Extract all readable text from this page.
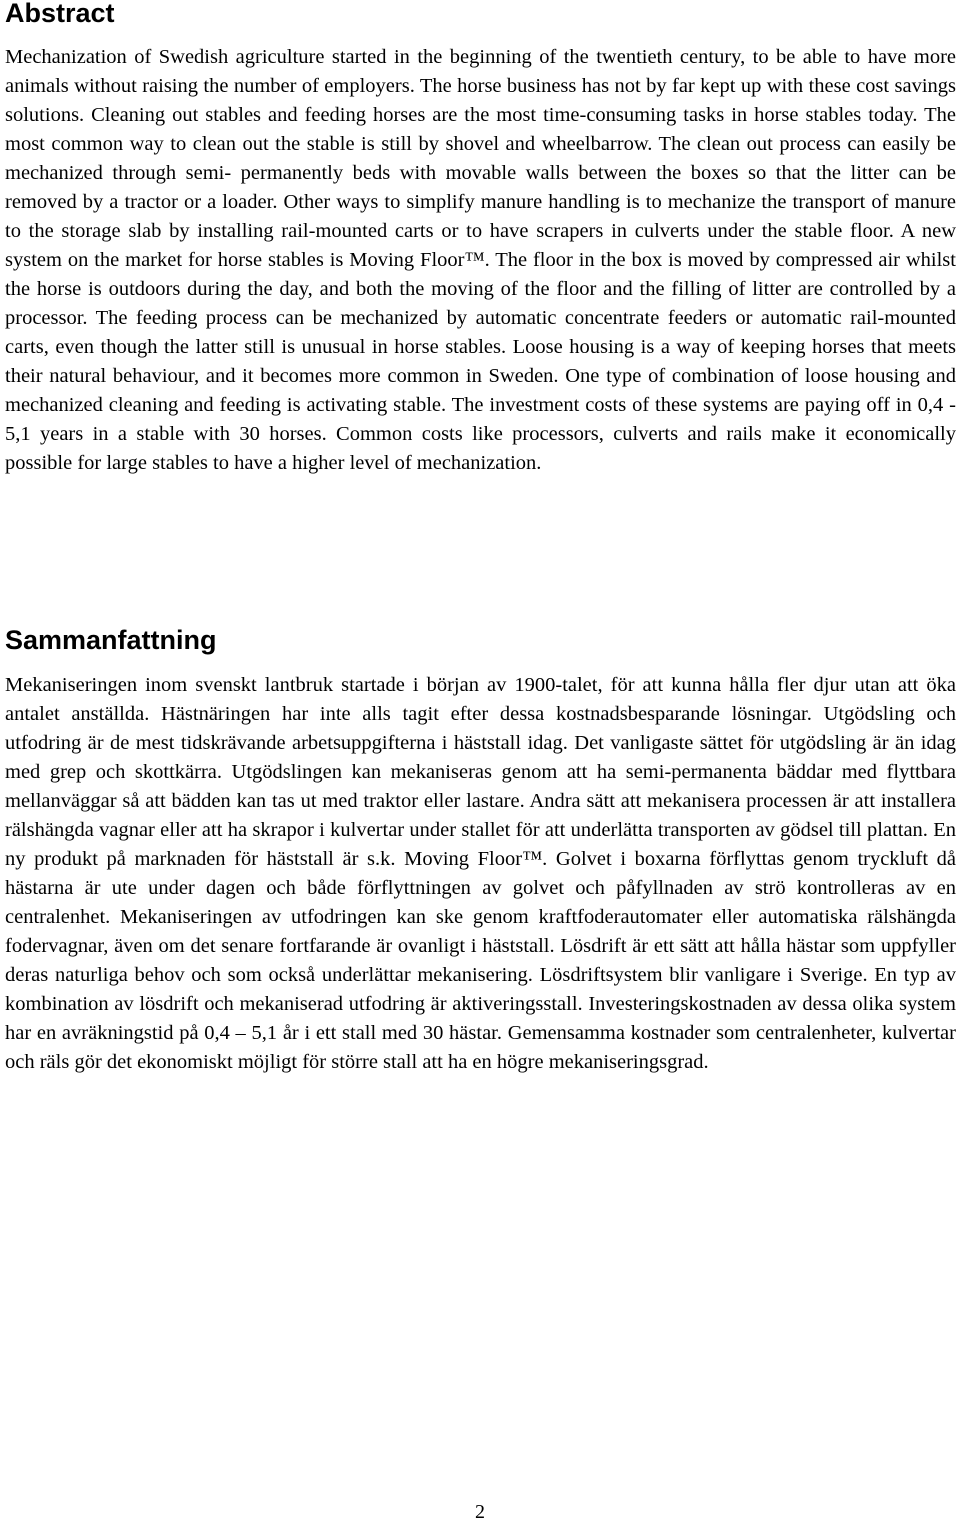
Abstract

Mechanization of Swedish agriculture started in the beginning of the twentieth century, to be able to have more animals without raising the number of employers. The horse business has not by far kept up with these cost savings solutions. Cleaning out stables and feeding horses are the most time-consuming tasks in horse stables today. The most common way to clean out the stable is still by shovel and wheelbarrow. The clean out process can easily be mechanized through semi- permanently beds with movable walls between the boxes so that the litter can be removed by a tractor or a loader. Other ways to simplify manure handling is to mechanize the transport of manure to the storage slab by installing rail-mounted carts or to have scrapers in culverts under the stable floor. A new system on the market for horse stables is Moving Floor™. The floor in the box is moved by compressed air whilst the horse is outdoors during the day, and both the moving of the floor and the filling of litter are controlled by a processor. The feeding process can be mechanized by automatic concentrate feeders or automatic rail-mounted carts, even though the latter still is unusual in horse stables. Loose housing is a way of keeping horses that meets their natural behaviour, and it becomes more common in Sweden. One type of combination of loose housing and mechanized cleaning and feeding is activating stable. The investment costs of these systems are paying off in 0,4 - 5,1 years in a stable with 30 horses. Common costs like processors, culverts and rails make it economically possible for large stables to have a higher level of mechanization.

Sammanfattning

Mekaniseringen inom svenskt lantbruk startade i början av 1900-talet, för att kunna hålla fler djur utan att öka antalet anställda. Hästnäringen har inte alls tagit efter dessa kostnadsbesparande lösningar. Utgödsling och utfodring är de mest tidskrävande arbetsuppgifterna i häststall idag. Det vanligaste sättet för utgödsling är än idag med grep och skottkärra. Utgödslingen kan mekaniseras genom att ha semi-permanenta bäddar med flyttbara mellanväggar så att bädden kan tas ut med traktor eller lastare. Andra sätt att mekanisera processen är att installera rälshängda vagnar eller att ha skrapor i kulvertar under stallet för att underlätta transporten av gödsel till plattan. En ny produkt på marknaden för häststall är s.k. Moving Floor™. Golvet i boxarna förflyttas genom tryckluft då hästarna är ute under dagen och både förflyttningen av golvet och påfyllnaden av strö kontrolleras av en centralenhet. Mekaniseringen av utfodringen kan ske genom kraftfoderautomater eller automatiska rälshängda fodervagnar, även om det senare fortfarande är ovanligt i häststall. Lösdrift är ett sätt att hålla hästar som uppfyller deras naturliga behov och som också underlättar mekanisering. Lösdriftsystem blir vanligare i Sverige. En typ av kombination av lösdrift och mekaniserad utfodring är aktiveringsstall. Investeringskostnaden av dessa olika system har en avräkningstid på 0,4 – 5,1 år i ett stall med 30 hästar. Gemensamma kostnader som centralenheter, kulvertar och räls gör det ekonomiskt möjligt för större stall att ha en högre mekaniseringsgrad.

2
